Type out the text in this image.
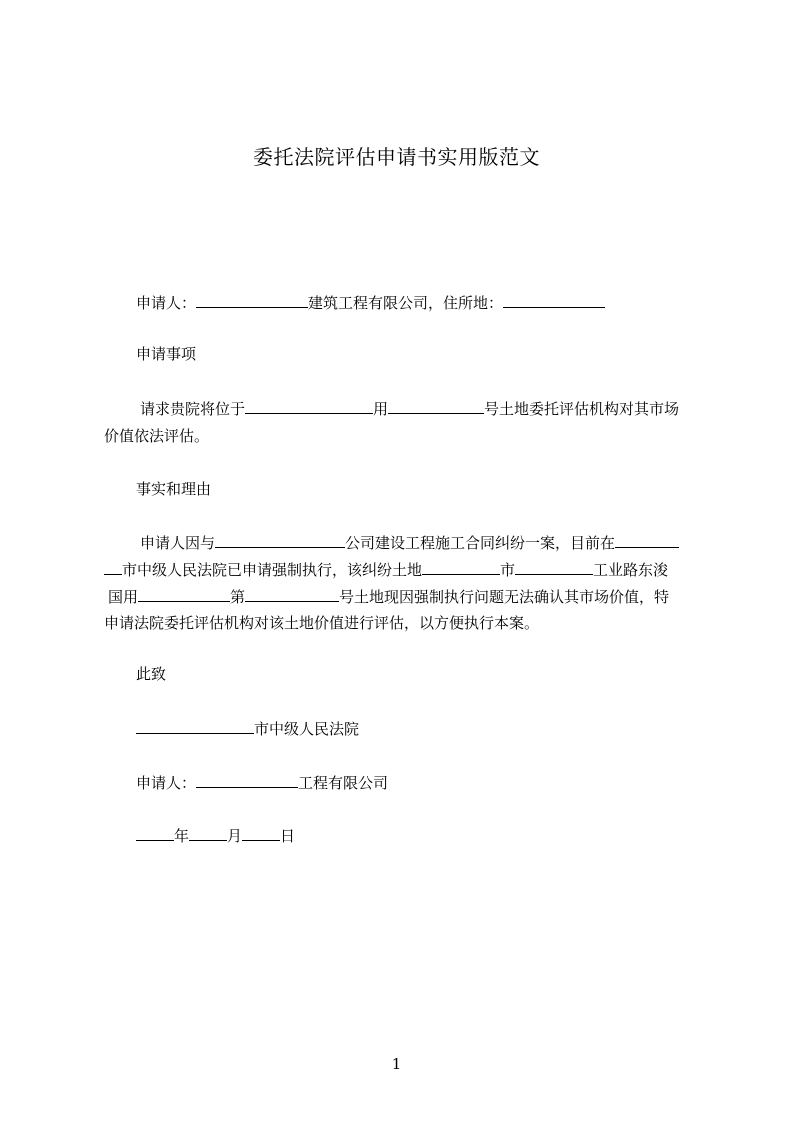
委托法院评估申请书实用版范文
申请人：	建筑工程有限公司，住所地：
申请事项
请求贵院将位于	用	号土地委托评估机构对其市场
价值依法评估。
事实和理由
申请人因与	公司建设工程施工合同纠纷一案，目前在
市中级人民法院已申请强制执行，该纠纷土地	市	工业路东浚
国用	第	号土地现因强制执行问题无法确认其市场价值，特
申请法院委托评估机构对该土地价值进行评估，以方便执行本案。
此致
市中级人民法院
申请人：	工程有限公司
年	月	日
1
